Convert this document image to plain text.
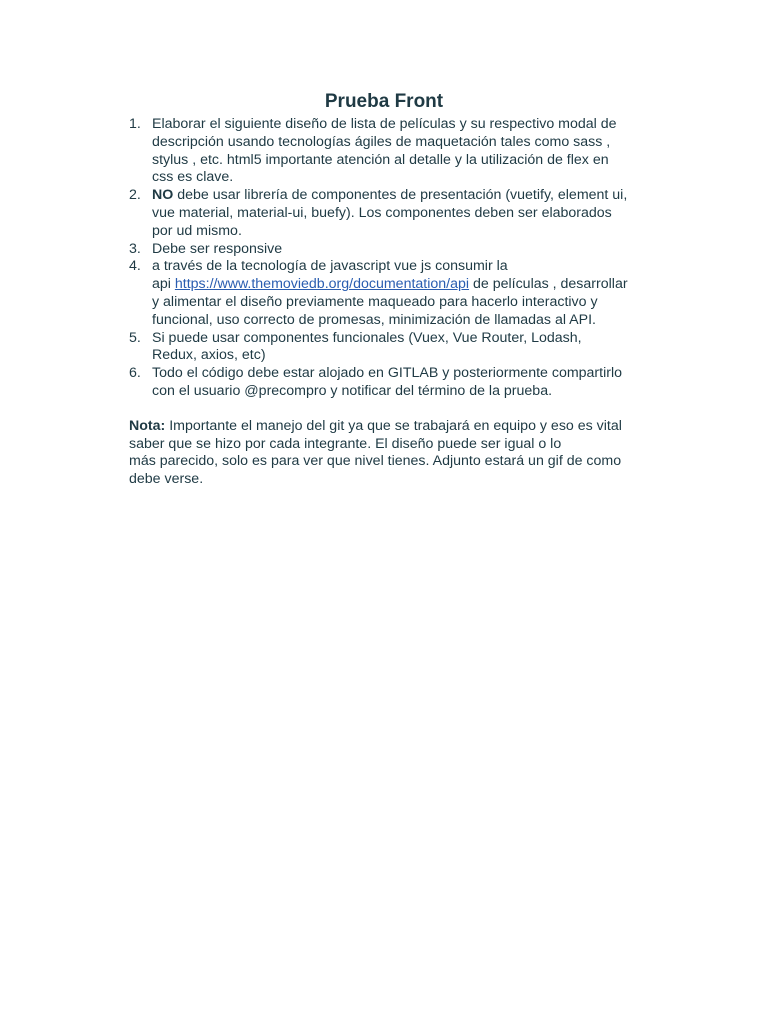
Prueba Front
1. Elaborar el siguiente diseño de lista de películas y su respectivo modal de
descripción usando tecnologías ágiles de maquetación tales como sass ,
stylus , etc. html5 importante atención al detalle y la utilización de flex en
css es clave.
2. NO debe usar librería de componentes de presentación (vuetify, element ui,
vue material, material-ui, buefy). Los componentes deben ser elaborados
por ud mismo.
3. Debe ser responsive
4. a través de la tecnología de javascript vue js consumir la
api https://www.themoviedb.org/documentation/api de películas , desarrollar
y alimentar el diseño previamente maqueado para hacerlo interactivo y
funcional, uso correcto de promesas, minimización de llamadas al API.
5. Si puede usar componentes funcionales (Vuex, Vue Router, Lodash,
Redux, axios, etc)
6. Todo el código debe estar alojado en GITLAB y posteriormente compartirlo
con el usuario @precompro y notificar del término de la prueba.
Nota: Importante el manejo del git ya que se trabajará en equipo y eso es vital
saber que se hizo por cada integrante. El diseño puede ser igual o lo
más parecido, solo es para ver que nivel tienes. Adjunto estará un gif de como
debe verse.
